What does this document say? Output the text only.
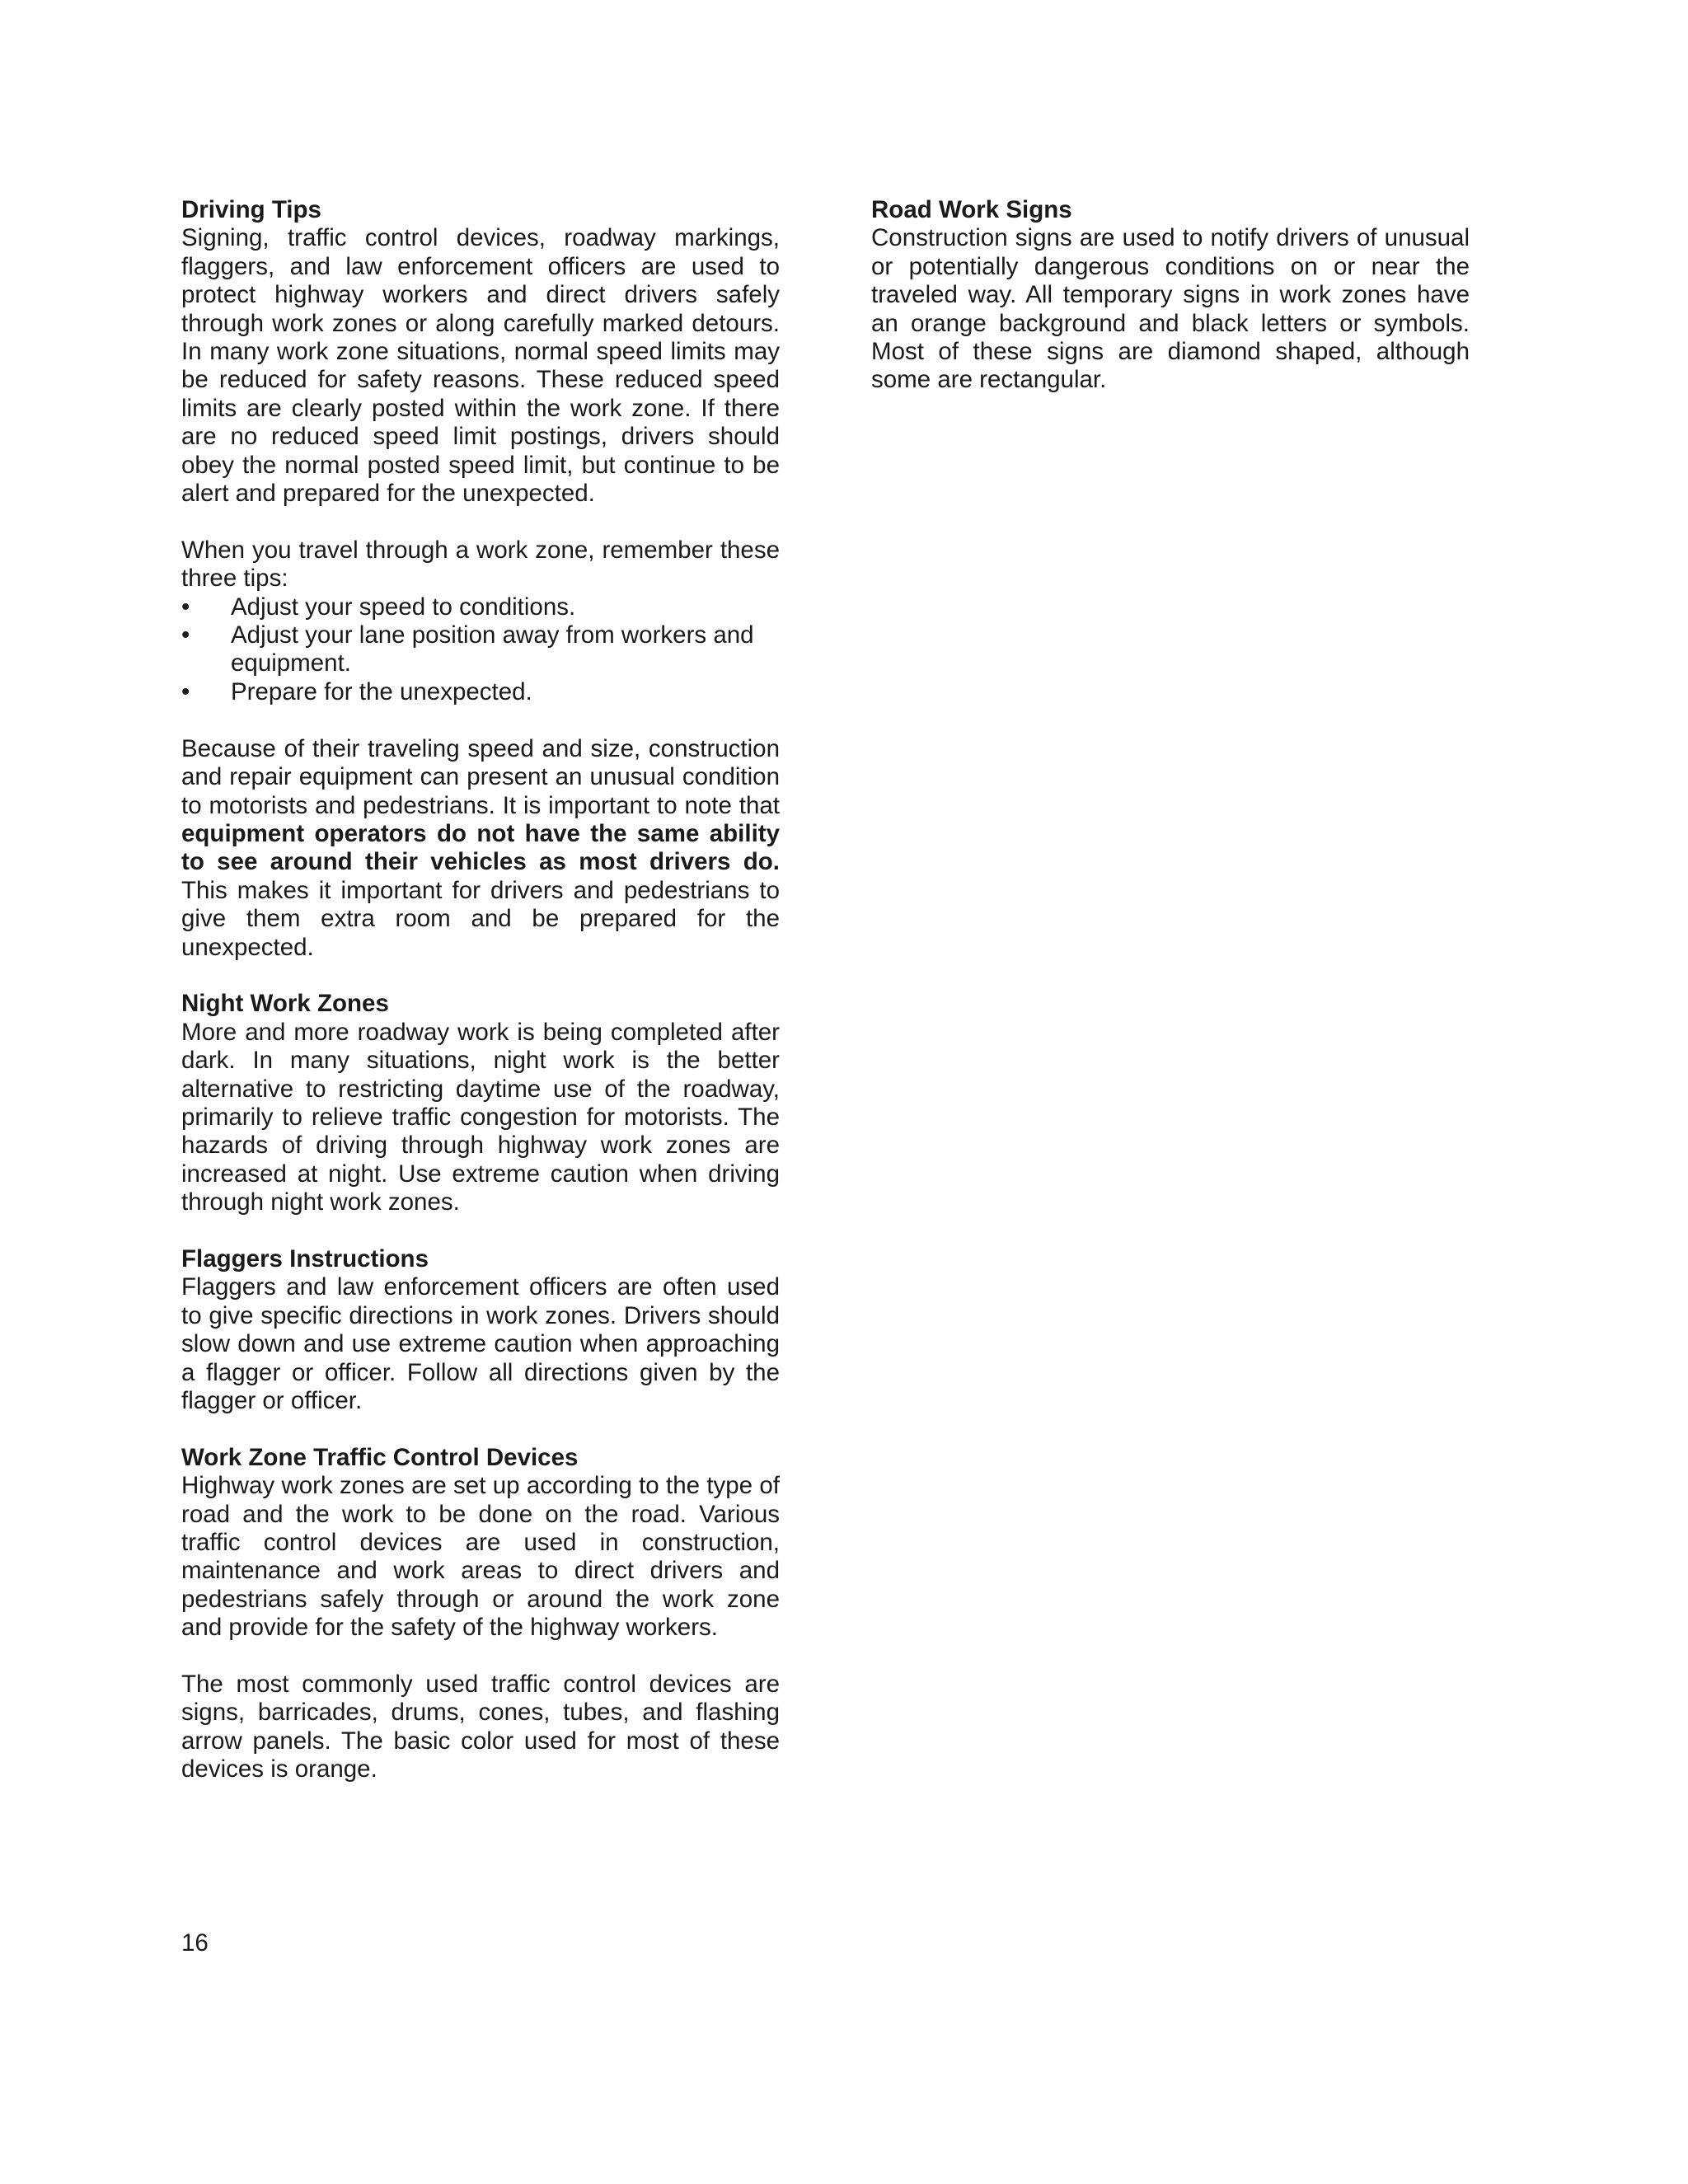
Driving Tips

Signing, traffic control devices, roadway markings, flaggers, and law enforcement officers are used to protect highway workers and direct drivers safely through work zones or along carefully marked detours. In many work zone situations, normal speed limits may be reduced for safety reasons. These reduced speed limits are clearly posted within the work zone. If there are no reduced speed limit postings, drivers should obey the normal posted speed limit, but continue to be alert and prepared for the unexpected.

When you travel through a work zone, remember these three tips:

• Adjust your speed to conditions.
• Adjust your lane position away from workers and equipment.
• Prepare for the unexpected.

Because of their traveling speed and size, construction and repair equipment can present an unusual condition to motorists and pedestrians. It is important to note that equipment operators do not have the same ability to see around their vehicles as most drivers do. This makes it important for drivers and pedestrians to give them extra room and be prepared for the unexpected.

Night Work Zones

More and more roadway work is being completed after dark. In many situations, night work is the better alternative to restricting daytime use of the roadway, primarily to relieve traffic congestion for motorists. The hazards of driving through highway work zones are increased at night. Use extreme caution when driving through night work zones.

Flaggers Instructions

Flaggers and law enforcement officers are often used to give specific directions in work zones. Drivers should slow down and use extreme caution when approaching a flagger or officer. Follow all directions given by the flagger or officer.

Work Zone Traffic Control Devices

Highway work zones are set up according to the type of road and the work to be done on the road. Various traffic control devices are used in construction, maintenance and work areas to direct drivers and pedestrians safely through or around the work zone and provide for the safety of the highway workers.

The most commonly used traffic control devices are signs, barricades, drums, cones, tubes, and flashing arrow panels. The basic color used for most of these devices is orange.

Road Work Signs

Construction signs are used to notify drivers of unusual or potentially dangerous conditions on or near the traveled way. All temporary signs in work zones have an orange background and black letters or symbols. Most of these signs are diamond shaped, although some are rectangular.

16
